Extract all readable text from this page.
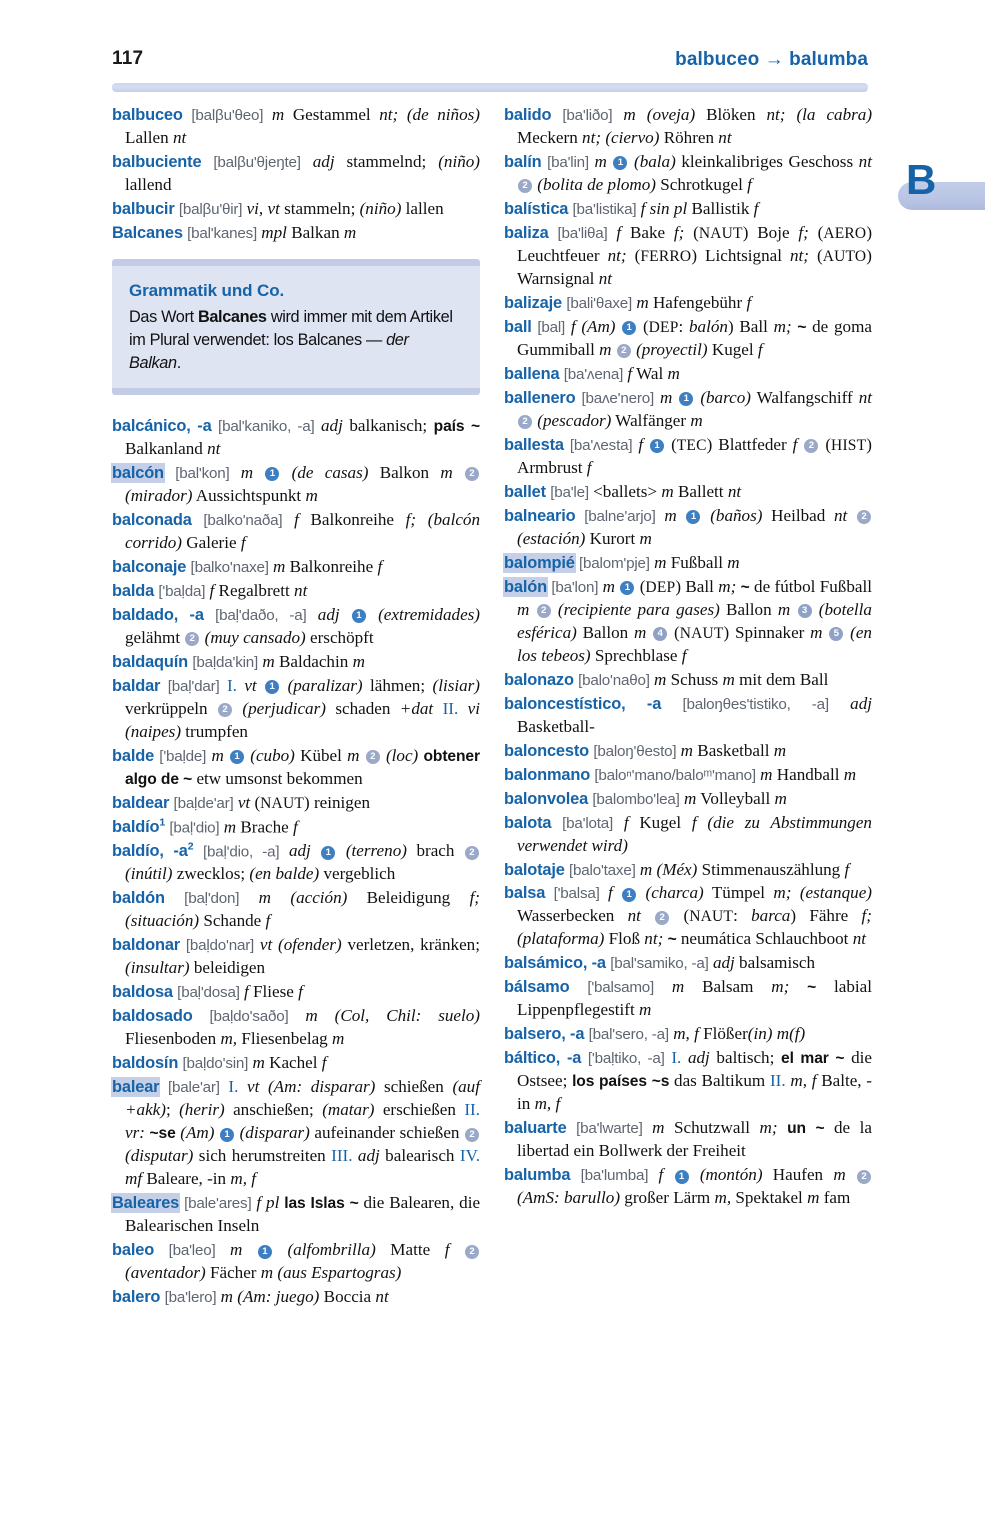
117	balbuceo → balumba
B

balbuceo [balβu'θeo] m Gestammel nt; (de niños) Lallen nt

balbuciente [balβu'θjeŋte] adj stammelnd; (niño) lallend

balbucir [balβu'θir] vi, vt stammeln; (niño) lallen

Balcanes [bal'kanes] mpl Balkan m

Grammatik und Co.
Das Wort Balcanes wird immer mit dem Artikel im Plural verwendet: los Balcanes — der Balkan.

balcánico, -a [bal'kaniko, -a] adj balkanisch; país ~ Balkanland nt

balcón [bal'kon] m 1 (de casas) Balkon m 2 (mirador) Aussichtspunkt m

balconada [balko'naða] f Balkonreihe f; (balcón corrido) Galerie f

balconaje [balko'naxe] m Balkonreihe f

balda ['baḷda] f Regalbrett nt

baldado, -a [baḷ'daðo, -a] adj 1 (extremidades) gelähmt 2 (muy cansado) erschöpft

baldaquín [baḷda'kin] m Baldachin m

baldar [baḷ'dar] I. vt 1 (paralizar) lähmen; (lisiar) verkrüppeln 2 (perjudicar) schaden +dat II. vi (naipes) trumpfen

balde ['baḷde] m 1 (cubo) Kübel m 2 (loc) obtener algo de ~ etw umsonst bekommen

baldear [baḷde'ar] vt (NAUT) reinigen

baldío$^1$ [baḷ'dio] m Brache f

baldío, $-a^2$ [baḷ'dio, -a] adj 1 (terreno) brach 2 (inútil) zwecklos; (en balde) vergeblich

baldón [baḷ'don] m (acción) Beleidigung f; (situación) Schande f

baldonar [baḷdo'nar] vt (ofender) verletzen, kränken; (insultar) beleidigen

baldosa [baḷ'dosa] f Fliese f

baldosado [baḷdo'saðo] m (Col, Chil: suelo) Fliesenboden m, Fliesenbelag m

baldosín [baḷdo'sin] m Kachel f

balear [bale'ar] I. vt (Am: disparar) schießen (auf +akk); (herir) anschießen; (matar) erschießen II. vr: ~se (Am) 1 (disparar) aufeinander schießen 2 (disputar) sich herumstreiten III. adj balearisch IV. mf Baleare, -in m, f

Baleares [bale'ares] f pl las Islas ~ die Balearen, die Balearischen Inseln

baleo [ba'leo] m 1 (alfombrilla) Matte f 2 (aventador) Fächer m (aus Espartogras)

balero [ba'lero] m (Am: juego) Boccia nt

balido [ba'liðo] m (oveja) Blöken nt; (la cabra) Meckern nt; (ciervo) Röhren nt

balín [ba'lin] m 1 (bala) kleinkalibriges Geschoss nt 2 (bolita de plomo) Schrotkugel f

balística [ba'listika] f sin pl Ballistik f

baliza [ba'liθa] f Bake f; (NAUT) Boje f; (AERO) Leuchtfeuer nt; (FERRO) Lichtsignal nt; (AUTO) Warnsignal nt

balizaje [bali'θaxe] m Hafengebühr f

ball [bal] f (Am) 1 (DEP: balón) Ball m; ~ de goma Gummiball m 2 (proyectil) Kugel f

ballena [ba'ʌena] f Wal m

ballenero [baʌe'nero] m 1 (barco) Walfangschiff nt 2 (pescador) Walfänger m

ballesta [ba'ʌesta] f 1 (TEC) Blattfeder f 2 (HIST) Armbrust f

ballet [ba'le] <ballets> m Ballett nt

balneario [balne'arjo] m 1 (baños) Heilbad nt 2 (estación) Kurort m

balompié [balom'pje] m Fußball m

balón [ba'lon] m 1 (DEP) Ball m; ~ de fútbol Fußball m 2 (recipiente para gases) Ballon m 3 (botella esférica) Ballon m 4 (NAUT) Spinnaker m 5 (en los tebeos) Sprechblase f

balonazo [balo'naθo] m Schuss m mit dem Ball

baloncestístico, -a [baloŋθes'tistiko, -a] adj Basketball-

baloncesto [baloŋ'θesto] m Basketball m

balonmano [baloⁿ'mano/baloᵐ'mano] m Handball m

balonvolea [balombo'lea] m Volleyball m

balota [ba'lota] f Kugel f (die zu Abstimmungen verwendet wird)

balotaje [balo'taxe] m (Méx) Stimmenauszählung f

balsa ['balsa] f 1 (charca) Tümpel m; (estanque) Wasserbecken nt 2 (NAUT: barca) Fähre f; (plataforma) Floß nt; ~ neumática Schlauchboot nt

balsámico, -a [bal'samiko, -a] adj balsamisch

bálsamo ['balsamo] m Balsam m; ~ labial Lippenpflegestift m

balsero, -a [bal'sero, -a] m, f Flößer(in) m(f)

báltico, -a ['baḷtiko, -a] I. adj baltisch; el mar ~ die Ostsee; los países ~s das Baltikum II. m, f Balte, -in m, f

baluarte [ba'lwarte] m Schutzwall m; un ~ de la libertad ein Bollwerk der Freiheit

balumba [ba'lumba] f 1 (montón) Haufen m 2 (AmS: barullo) großer Lärm m, Spektakel m fam
